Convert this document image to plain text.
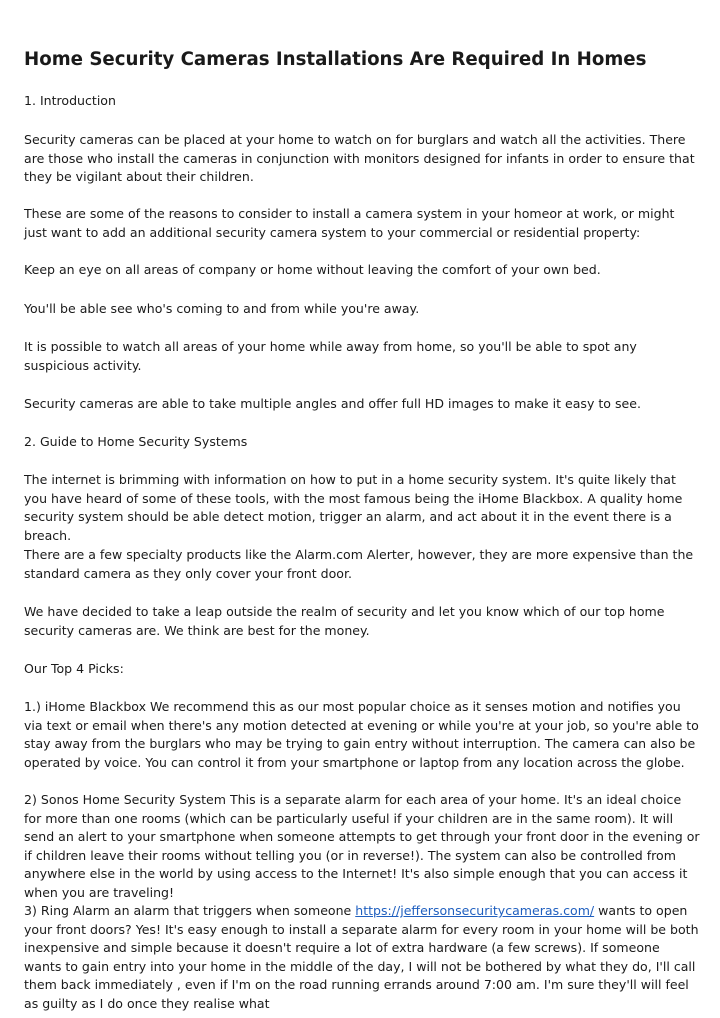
Home Security Cameras Installations Are Required In Homes

1. Introduction

Security cameras can be placed at your home to watch on for burglars and watch all the activities. There are those who install the cameras in conjunction with monitors designed for infants in order to ensure that they be vigilant about their children.

These are some of the reasons to consider to install a camera system in your homeor at work, or might just want to add an additional security camera system to your commercial or residential property:

Keep an eye on all areas of company or home without leaving the comfort of your own bed.

You'll be able see who's coming to and from while you're away.

It is possible to watch all areas of your home while away from home, so you'll be able to spot any suspicious activity.

Security cameras are able to take multiple angles and offer full HD images to make it easy to see.

2. Guide to Home Security Systems

The internet is brimming with information on how to put in a home security system. It's quite likely that you have heard of some of these tools, with the most famous being the iHome Blackbox. A quality home security system should be able detect motion, trigger an alarm, and act about it in the event there is a breach.

There are a few specialty products like the Alarm.com Alerter, however, they are more expensive than the standard camera as they only cover your front door.

We have decided to take a leap outside the realm of security and let you know which of our top home security cameras are. We think are best for the money.

Our Top 4 Picks:

1.) iHome Blackbox We recommend this as our most popular choice as it senses motion and notifies you via text or email when there's any motion detected at evening or while you're at your job, so you're able to stay away from the burglars who may be trying to gain entry without interruption. The camera can also be operated by voice. You can control it from your smartphone or laptop from any location across the globe.

2) Sonos Home Security System This is a separate alarm for each area of your home. It's an ideal choice for more than one rooms (which can be particularly useful if your children are in the same room). It will send an alert to your smartphone when someone attempts to get through your front door in the evening or if children leave their rooms without telling you (or in reverse!). The system can also be controlled from anywhere else in the world by using access to the Internet! It's also simple enough that you can access it when you are traveling!

3) Ring Alarm an alarm that triggers when someone https://jeffersonsecuritycameras.com/ wants to open your front doors? Yes! It's easy enough to install a separate alarm for every room in your home will be both inexpensive and simple because it doesn't require a lot of extra hardware (a few screws). If someone wants to gain entry into your home in the middle of the day, I will not be bothered by what they do, I'll call them back immediately , even if I'm on the road running errands around 7:00 am. I'm sure they'll will feel as guilty as I do once they realise what
